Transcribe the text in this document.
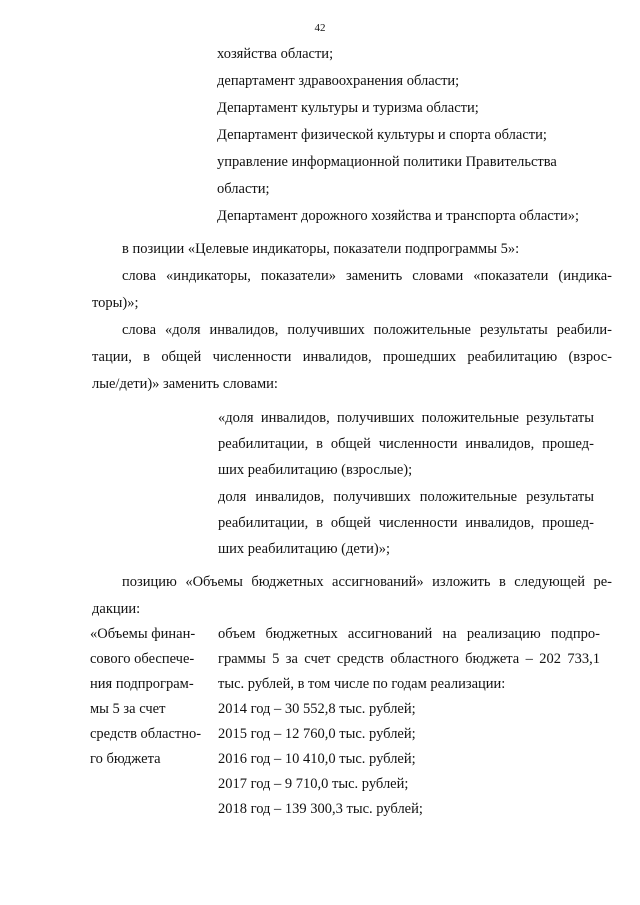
42
хозяйства области;
департамент здравоохранения области;
Департамент культуры и туризма области;
Департамент физической культуры и спорта области;
управление информационной политики Правительства
области;
Департамент дорожного хозяйства и транспорта области»;
в позиции «Целевые индикаторы, показатели подпрограммы 5»:
слова «индикаторы, показатели» заменить словами «показатели (индика-
торы)»;
слова «доля инвалидов, получивших положительные результаты реабили-
тации, в общей численности инвалидов, прошедших реабилитацию (взрос-
лые/дети)» заменить словами:
«доля инвалидов, получивших положительные результаты
реабилитации, в общей численности инвалидов, прошед-
ших реабилитацию (взрослые);
доля инвалидов, получивших положительные результаты
реабилитации, в общей численности инвалидов, прошед-
ших реабилитацию (дети)»;
позицию «Объемы бюджетных ассигнований» изложить в следующей ре-
дакции:
«Объемы финан-
сового обеспече-
ния подпрограм-
мы 5 за счет
средств областно-
го бюджета
объем бюджетных ассигнований на реализацию подпро-
граммы 5 за счет средств областного бюджета – 202 733,1
тыс. рублей, в том числе по годам реализации:
2014 год – 30 552,8 тыс. рублей;
2015 год – 12 760,0 тыс. рублей;
2016 год – 10 410,0 тыс. рублей;
2017 год – 9 710,0 тыс. рублей;
2018 год – 139 300,3 тыс. рублей;
